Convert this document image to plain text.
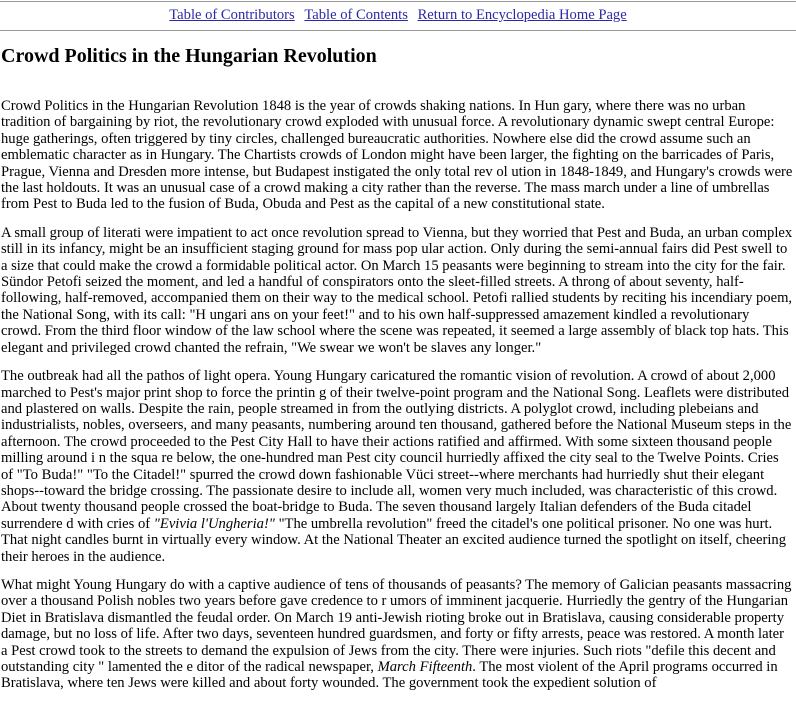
Table of Contributors Table of Contents Return to Encyclopedia Home Page
Crowd Politics in the Hungarian Revolution

Crowd Politics in the Hungarian Revolution 1848 is the year of crowds shaking nations. In Hun gary, where there was no urban tradition of bargaining by riot, the revolutionary crowd exploded with unusual force. A revolutionary dynamic swept central Europe: huge gatherings, often triggered by tiny circles, challenged bureaucratic authorities. Nowhere else did the crowd assume such an emblematic character as in Hungary. The Chartists crowds of London might have been larger, the fighting on the barricades of Paris, Prague, Vienna and Dresden more intense, but Budapest instigated the only total rev ol ution in 1848-1849, and Hungary's crowds were the last holdouts. It was an unusual case of a crowd making a city rather than the reverse. The mass march under a line of umbrellas from Pest to Buda led to the fusion of Buda, Obuda and Pest as the capital of a new constitutional state.

A small group of literati were impatient to act once revolution spread to Vienna, but they worried that Pest and Buda, an urban complex still in its infancy, might be an insufficient staging ground for mass pop ular action. Only during the semi-annual fairs did Pest swell to a size that could make the crowd a formidable political actor. On March 15 peasants were beginning to stream into the city for the fair. Sündor Petofi seized the moment, and led a handful of conspirators onto the sleet-filled streets. A throng of about seventy, half-following, half-removed, accompanied them on their way to the medical school. Petofi rallied students by reciting his incendiary poem, the National Song, with its call: "H ungari ans on your feet!" and to his own half-suppressed amazement kindled a revolutionary crowd. From the third floor window of the law school where the scene was repeated, it seemed a large assembly of black top hats. This elegant and privileged crowd chanted the refrain, "We swear we won't be slaves any longer."

The outbreak had all the pathos of light opera. Young Hungary caricatured the romantic vision of revolution. A crowd of about 2,000 marched to Pest's major print shop to force the printin g of their twelve-point program and the National Song. Leaflets were distributed and plastered on walls. Despite the rain, people streamed in from the outlying districts. A polyglot crowd, including plebeians and industrialists, nobles, overseers, and many peasants, numbering around ten thousand, gathered before the National Museum steps in the afternoon. The crowd proceeded to the Pest City Hall to have their actions ratified and affirmed. With some sixteen thousand people milling around i n the squa re below, the one-hundred man Pest city council hurriedly affixed the city seal to the Twelve Points. Cries of "To Buda!" "To the Citadel!" spurred the crowd down fashionable Vüci street--where merchants had hurriedly shut their elegant shops--toward the bridge crossing. The passionate desire to include all, women very much included, was characteristic of this crowd. About twenty thousand people crossed the boat-bridge to Buda. The seven thousand largely Italian defenders of the Buda citadel surrendere d with cries of "Evivia l'Ungheria!" "The umbrella revolution" freed the citadel's one political prisoner. No one was hurt. That night candles burnt in virtually every window. At the National Theater an excited audience turned the spotlight on itself, cheering their heroes in the audience.

What might Young Hungary do with a captive audience of tens of thousands of peasants? The memory of Galician peasants massacring over a thousand Polish nobles two years before gave credence to r umors of imminent jacquerie. Hurriedly the gentry of the Hungarian Diet in Bratislava dismantled the feudal order. On March 19 anti-Jewish rioting broke out in Bratislava, causing considerable property damage, but no loss of life. After two days, seventeen hundred guardsmen, and forty or fifty arrests, peace was restored. A month later a Pest crowd took to the streets to demand the expulsion of Jews from the city. There were injuries. Such riots "defile this decent and outstanding city " lamented the e ditor of the radical newspaper, March Fifteenth. The most violent of the April programs occurred in Bratislava, where ten Jews were killed and about forty wounded. The government took the expedient solution of
